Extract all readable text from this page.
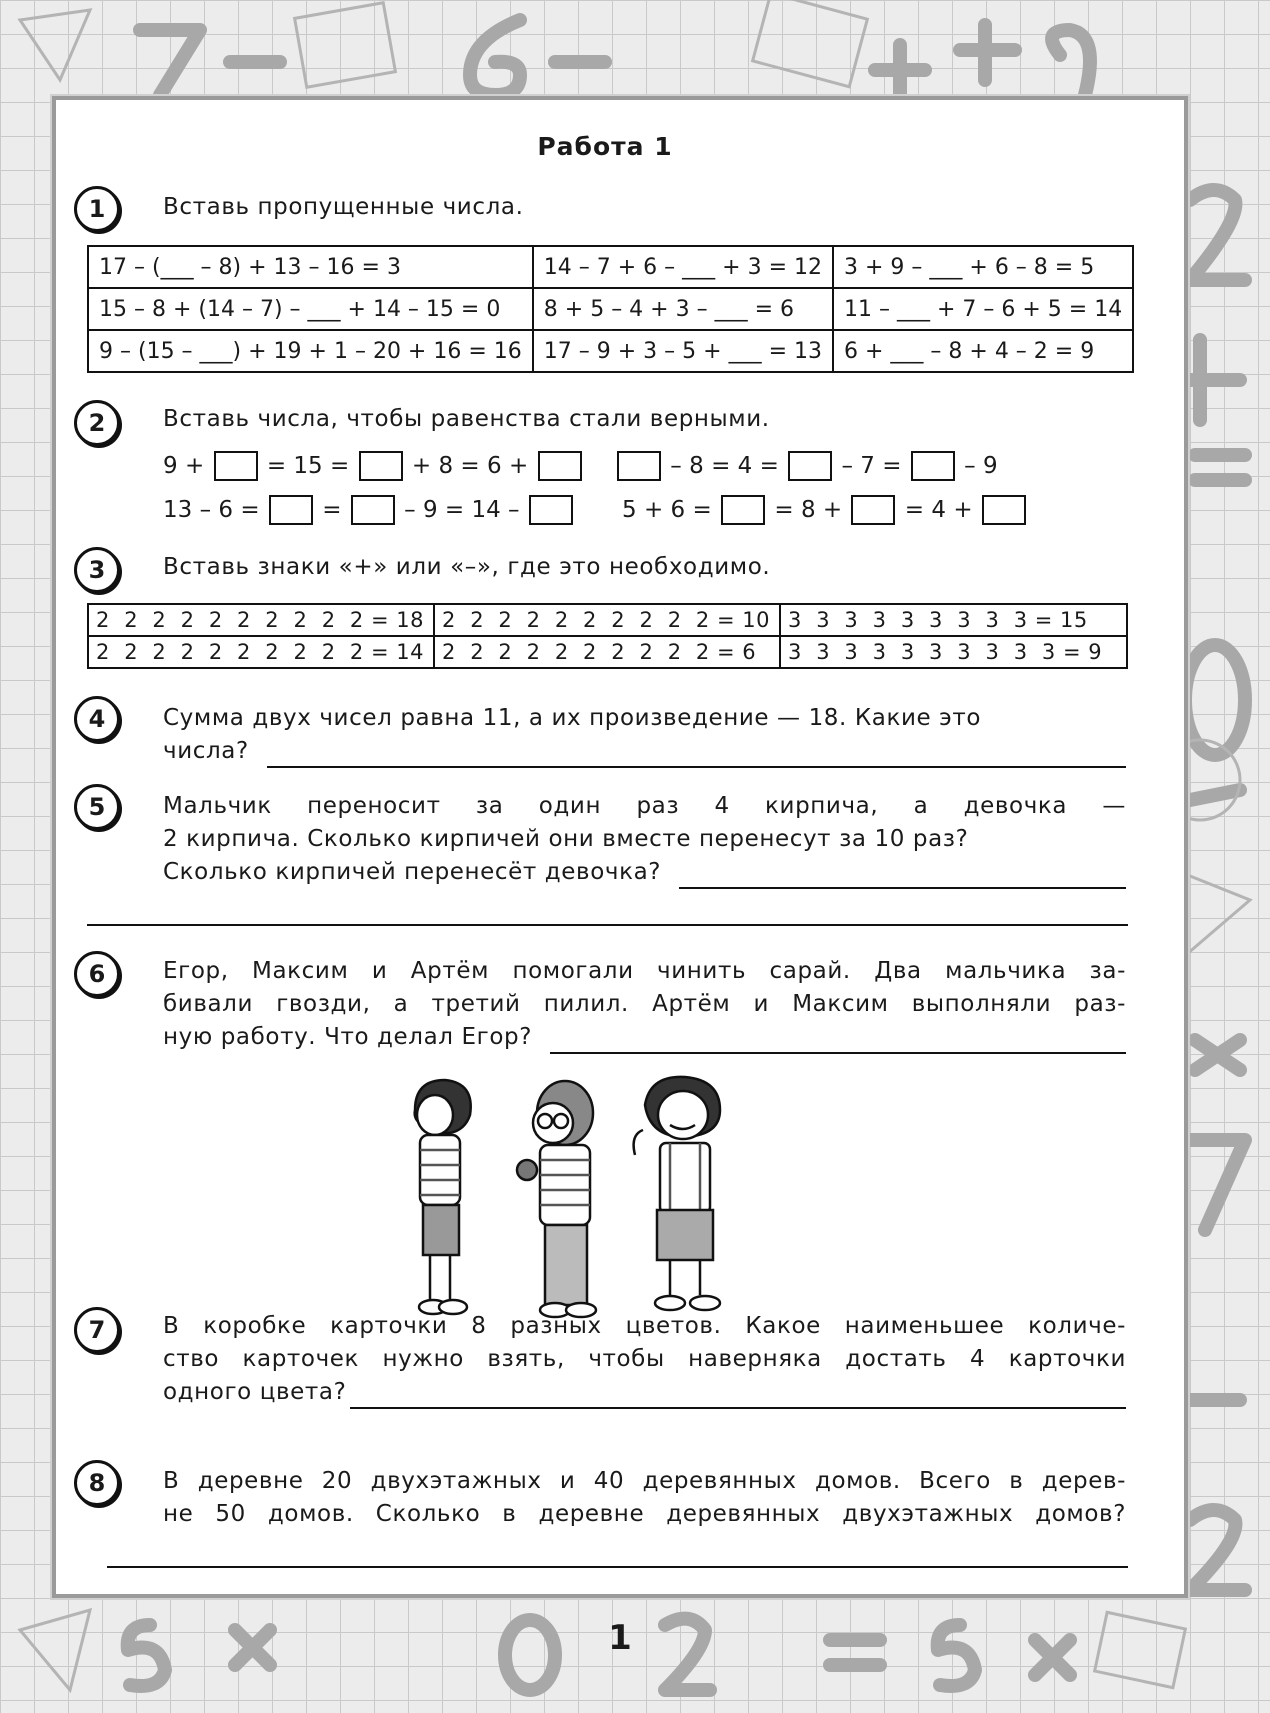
Работа 1
1	Вставь пропущенные числа.

17 – (___ – 8) + 13 – 16 = 3	14 – 7 + 6 – ___ + 3 = 12	3 + 9 – ___ + 6 – 8 = 5
15 – 8 + (14 – 7) – ___ + 14 – 15 = 0	8 + 5 – 4 + 3 – ___ = 6	11 – ___ + 7 – 6 + 5 = 14
9 – (15 – ___) + 19 + 1 – 20 + 16 = 16	17 – 9 + 3 – 5 + ___ = 13	6 + ___ – 8 + 4 – 2 = 9
2	Вставь числа, чтобы равенства стали верными.

9 + = 15 = + 8 = 6 +	– 8 = 4 = – 7 = – 9
13 – 6 = = – 9 = 14 –	5 + 6 = = 8 + = 4 +
3	Вставь знаки «+» или «–», где это необходимо.

2  2  2  2  2  2  2  2  2  2 = 18	2  2  2  2  2  2  2  2  2  2 = 10	3  3  3  3  3  3  3  3  3 = 15
2  2  2  2  2  2  2  2  2  2 = 14	2  2  2  2  2  2  2  2  2  2 = 6	3  3  3  3  3  3  3  3  3  3 = 9
4	Сумма двух чисел равна 11, а их произведение — 18. Какие это

числа?

5	Мальчик переносит за один раз 4 кирпича, а девочка —

2 кирпича. Сколько кирпичей они вместе перенесут за 10 раз?

Сколько кирпичей перенесёт девочка?

6	Егор, Максим и Артём помогали чинить сарай. Два мальчика за-

бивали гвозди, а третий пилил. Артём и Максим выполняли раз-

ную работу. Что делал Егор?

7	В коробке карточки 8 разных цветов. Какое наименьшее количе-

ство карточек нужно взять, чтобы наверняка достать 4 карточки

одного цвета?

8	В деревне 20 двухэтажных и 40 деревянных домов. Всего в дерев-

не 50 домов. Сколько в деревне деревянных двухэтажных домов?

1
